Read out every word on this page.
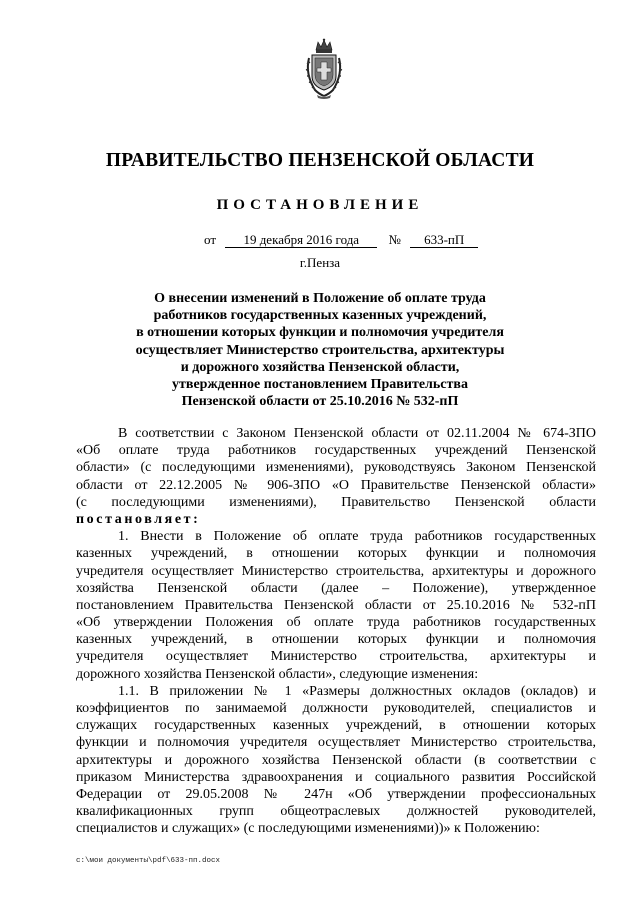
ПРАВИТЕЛЬСТВО ПЕНЗЕНСКОЙ ОБЛАСТИ
ПОСТАНОВЛЕНИЕ
от 19 декабря 2016 года № 633-пП
г.Пенза
О внесении изменений в Положение об оплате труда
работников государственных казенных учреждений,
в отношении которых функции и полномочия учредителя
осуществляет Министерство строительства, архитектуры
и дорожного хозяйства Пензенской области,
утвержденное постановлением Правительства
Пензенской области от 25.10.2016 № 532-пП
В соответствии с Законом Пензенской области от 02.11.2004 № 674-ЗПО
«Об оплате труда работников государственных учреждений Пензенской
области» (с последующими изменениями), руководствуясь Законом Пензенской
области от 22.12.2005 № 906-ЗПО «О Правительстве Пензенской области»
(с последующими изменениями), Правительство Пензенской области
постановляет:
1. Внести в Положение об оплате труда работников государственных
казенных учреждений, в отношении которых функции и полномочия
учредителя осуществляет Министерство строительства, архитектуры и дорожного
хозяйства Пензенской области (далее – Положение), утвержденное
постановлением Правительства Пензенской области от 25.10.2016 № 532-пП
«Об утверждении Положения об оплате труда работников государственных
казенных учреждений, в отношении которых функции и полномочия
учредителя осуществляет Министерство строительства, архитектуры и
дорожного хозяйства Пензенской области», следующие изменения:
1.1. В приложении № 1 «Размеры должностных окладов (окладов) и
коэффициентов по занимаемой должности руководителей, специалистов и
служащих государственных казенных учреждений, в отношении которых
функции и полномочия учредителя осуществляет Министерство строительства,
архитектуры и дорожного хозяйства Пензенской области (в соответствии с
приказом Министерства здравоохранения и социального развития Российской
Федерации от 29.05.2008 № 247н «Об утверждении профессиональных
квалификационных групп общеотраслевых должностей руководителей,
специалистов и служащих» (с последующими изменениями))» к Положению:
c:\мои документы\pdf\633-пп.docx
